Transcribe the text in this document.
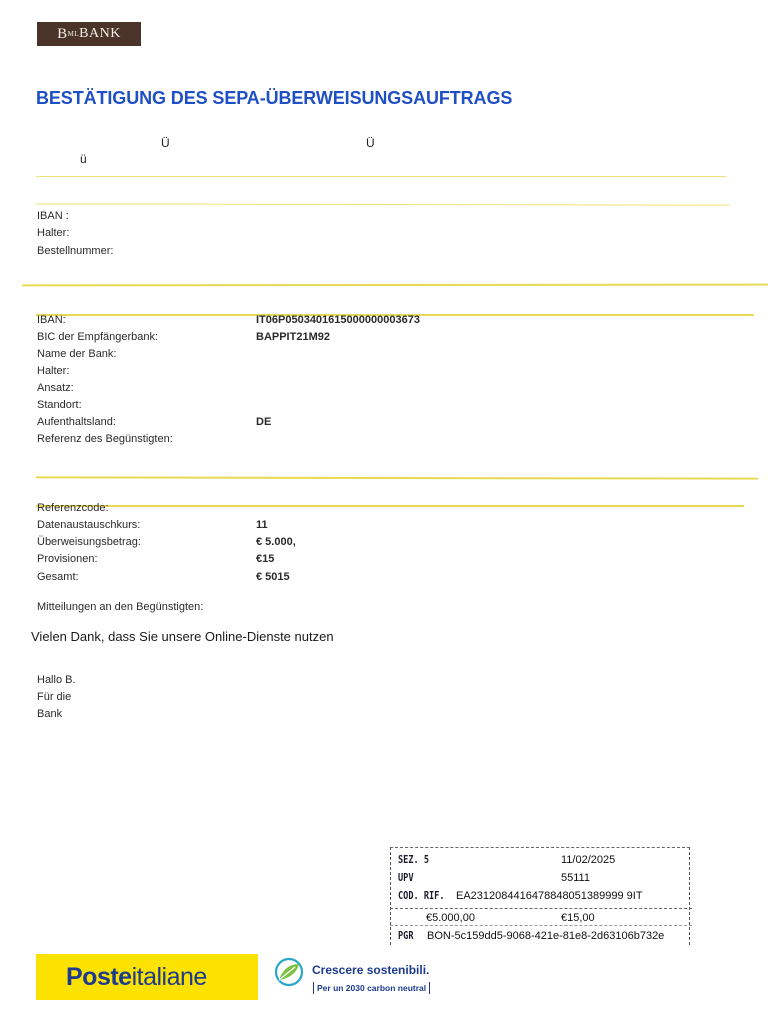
B ML BANK
BESTÄTIGUNG DES SEPA-ÜBERWEISUNGSAUFTRAGS
Ü	Ü
ü
IBAN :
Halter:
Bestellnummer:
IBAN:	IT06P0503401615000000003673
BIC der Empfängerbank:	BAPPIT21M92
Name der Bank:
Halter:
Ansatz:
Standort:
Aufenthaltsland:	DE
Referenz des Begünstigten:
Referenzcode:
Datenaustauschkurs:	11
Überweisungsbetrag:	€ 5.000,
Provisionen:	€15
Gesamt:	€ 5015
Mitteilungen an den Begünstigten:
Vielen Dank, dass Sie unsere Online-Dienste nutzen
Hallo B.
Für die
Bank
SEZ. 5	11/02/2025
UPV	55111
COD. RIF. EA2312084416478848051389999 9IT
€5.000,00	€15,00
PGR BON-5c159dd5-9068-421e-81e8-2d63106b732e
Poste italiane	Crescere sostenibili.
Per un 2030 carbon neutral
